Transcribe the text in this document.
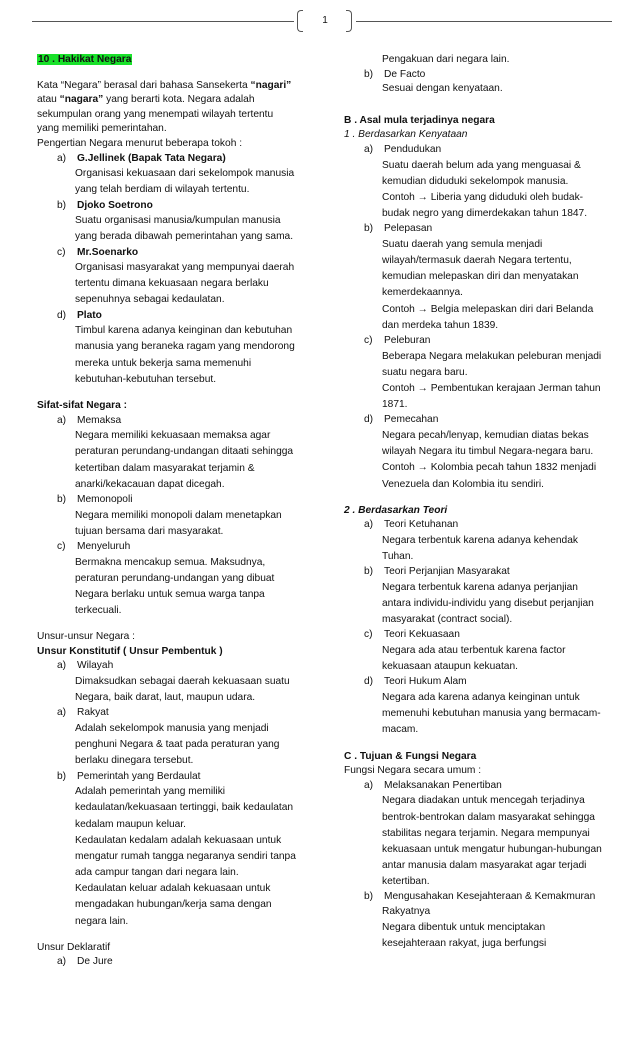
1
10 . Hakikat Negara
Kata “Negara” berasal dari bahasa Sansekerta “nagari”
atau “nagara” yang berarti kota. Negara adalah
sekumpulan orang yang menempati wilayah tertentu
yang memiliki pemerintahan.
Pengertian Negara menurut beberapa tokoh :
a) G.Jellinek (Bapak Tata Negara)
Organisasi kekuasaan dari sekelompok manusia
yang telah berdiam di wilayah tertentu.
b) Djoko Soetrono
Suatu organisasi manusia/kumpulan manusia
yang berada dibawah pemerintahan yang sama.
c) Mr.Soenarko
Organisasi masyarakat yang mempunyai daerah
tertentu dimana kekuasaan negara berlaku
sepenuhnya sebagai kedaulatan.
d) Plato
Timbul karena adanya keinginan dan kebutuhan
manusia yang beraneka ragam yang mendorong
mereka untuk bekerja sama memenuhi
kebutuhan-kebutuhan tersebut.
Sifat-sifat Negara :
a) Memaksa
Negara memiliki kekuasaan memaksa agar
peraturan perundang-undangan ditaati sehingga
ketertiban dalam masyarakat terjamin &
anarki/kekacauan dapat dicegah.
b) Memonopoli
Negara memiliki monopoli dalam menetapkan
tujuan bersama dari masyarakat.
c) Menyeluruh
Bermakna mencakup semua. Maksudnya,
peraturan perundang-undangan yang dibuat
Negara berlaku untuk semua warga tanpa
terkecuali.
Unsur-unsur Negara :
Unsur Konstitutif ( Unsur Pembentuk )
a) Wilayah
Dimaksudkan sebagai daerah kekuasaan suatu
Negara, baik darat, laut, maupun udara.
a) Rakyat
Adalah sekelompok manusia yang menjadi
penghuni Negara & taat pada peraturan yang
berlaku dinegara tersebut.
b) Pemerintah yang Berdaulat
Adalah pemerintah yang memiliki
kedaulatan/kekuasaan tertinggi, baik kedaulatan
kedalam maupun keluar.
Kedaulatan kedalam adalah kekuasaan untuk
mengatur rumah tangga negaranya sendiri tanpa
ada campur tangan dari negara lain.
Kedaulatan keluar adalah kekuasaan untuk
mengadakan hubungan/kerja sama dengan
negara lain.
Unsur Deklaratif
a) De Jure
Pengakuan dari negara lain.
b) De Facto
Sesuai dengan kenyataan.
B . Asal mula terjadinya negara
1 . Berdasarkan Kenyataan
a) Pendudukan
Suatu daerah belum ada yang menguasai &
kemudian diduduki sekelompok manusia.
Contoh → Liberia yang diduduki oleh budak-
budak negro yang dimerdekakan tahun 1847.
b) Pelepasan
Suatu daerah yang semula menjadi
wilayah/termasuk daerah Negara tertentu,
kemudian melepaskan diri dan menyatakan
kemerdekaannya.
Contoh → Belgia melepaskan diri dari Belanda
dan merdeka tahun 1839.
c) Peleburan
Beberapa Negara melakukan peleburan menjadi
suatu negara baru.
Contoh → Pembentukan kerajaan Jerman tahun
1871.
d) Pemecahan
Negara pecah/lenyap, kemudian diatas bekas
wilayah Negara itu timbul Negara-negara baru.
Contoh → Kolombia pecah tahun 1832 menjadi
Venezuela dan Kolombia itu sendiri.
2 . Berdasarkan Teori
a) Teori Ketuhanan
Negara terbentuk karena adanya kehendak
Tuhan.
b) Teori Perjanjian Masyarakat
Negara terbentuk karena adanya perjanjian
antara individu-individu yang disebut perjanjian
masyarakat (contract social).
c) Teori Kekuasaan
Negara ada atau terbentuk karena factor
kekuasaan ataupun kekuatan.
d) Teori Hukum Alam
Negara ada karena adanya keinginan untuk
memenuhi kebutuhan manusia yang bermacam-
macam.
C . Tujuan & Fungsi Negara
Fungsi Negara secara umum :
a) Melaksanakan Penertiban
Negara diadakan untuk mencegah terjadinya
bentrok-bentrokan dalam masyarakat sehingga
stabilitas negara terjamin. Negara mempunyai
kekuasaan untuk mengatur hubungan-hubungan
antar manusia dalam masyarakat agar terjadi
ketertiban.
b) Mengusahakan Kesejahteraan & Kemakmuran
Rakyatnya
Negara dibentuk untuk menciptakan
kesejahteraan rakyat, juga berfungsi
